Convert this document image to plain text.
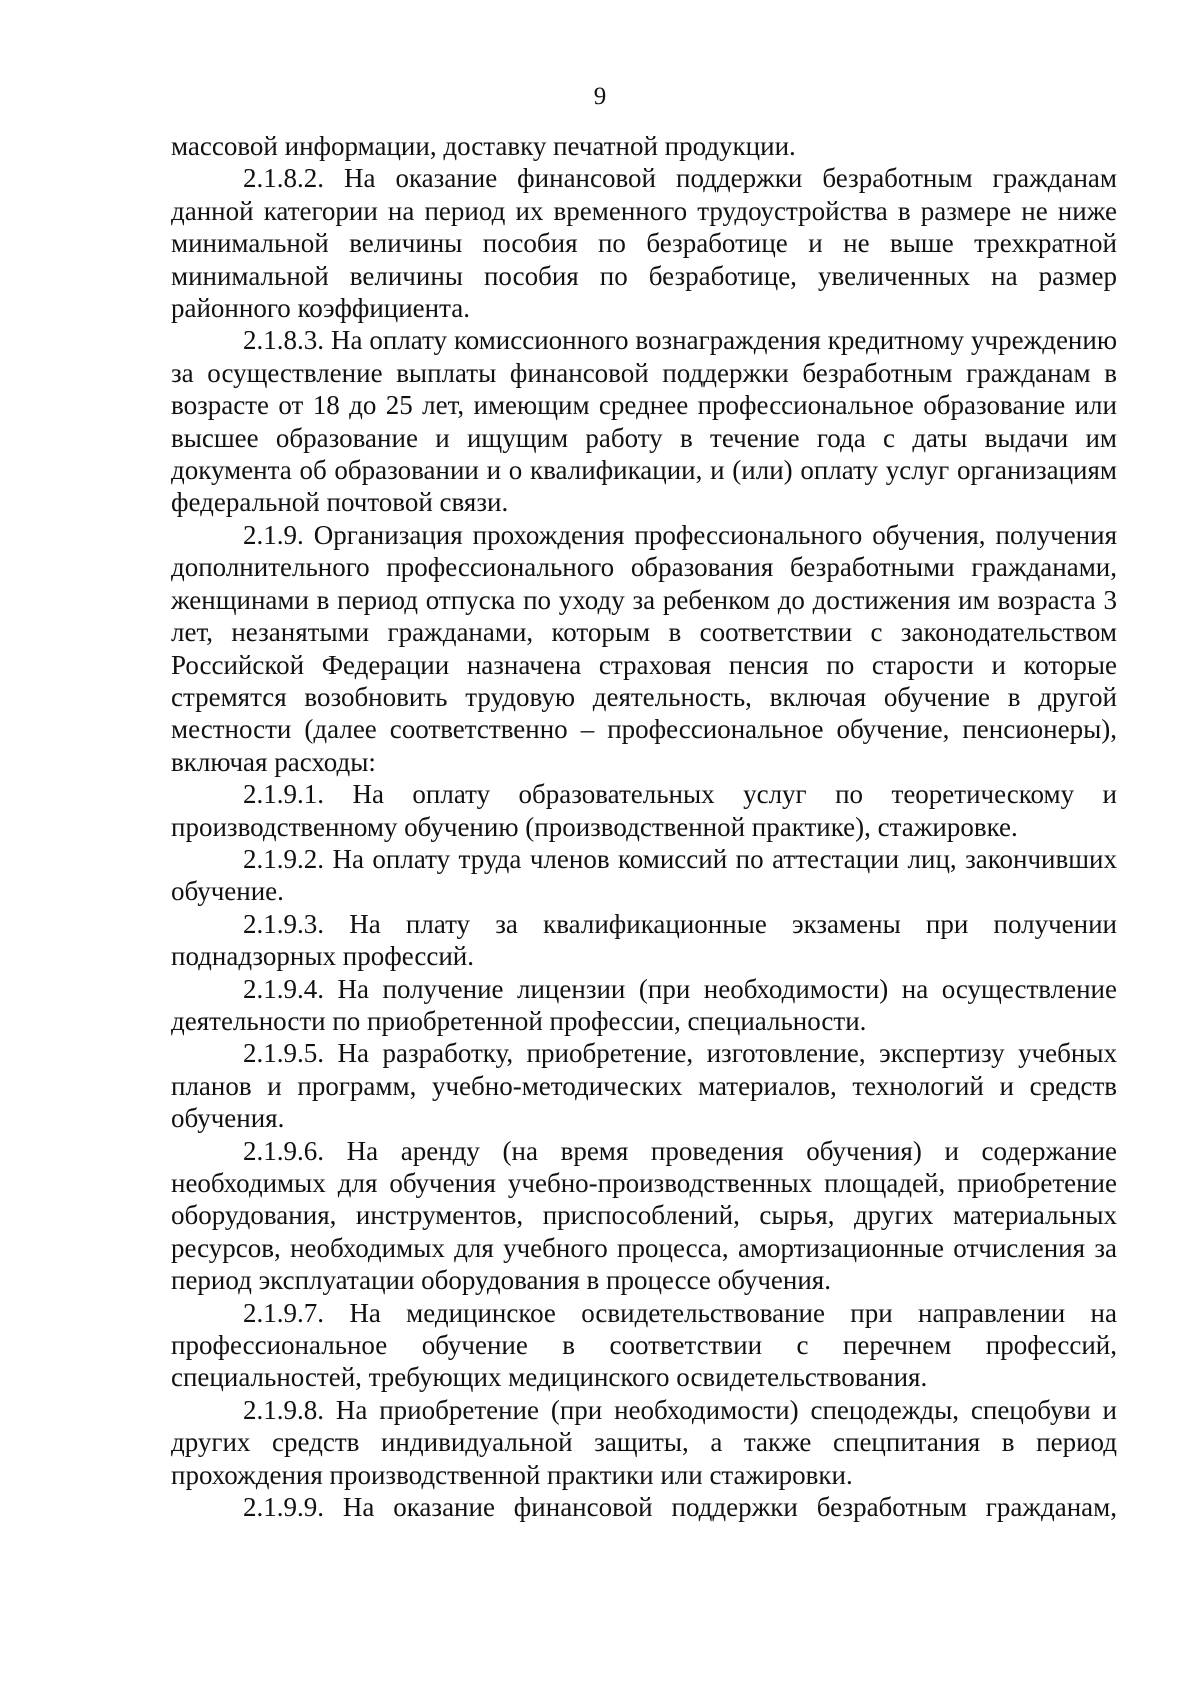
9

массовой информации, доставку печатной продукции.

2.1.8.2. На оказание финансовой поддержки безработным гражданам данной категории на период их временного трудоустройства в размере не ниже минимальной величины пособия по безработице и не выше трехкратной минимальной величины пособия по безработице, увеличенных на размер районного коэффициента.

2.1.8.3. На оплату комиссионного вознаграждения кредитному учреждению за осуществление выплаты финансовой поддержки безработным гражданам в возрасте от 18 до 25 лет, имеющим среднее профессиональное образование или высшее образование и ищущим работу в течение года с даты выдачи им документа об образовании и о квалификации, и (или) оплату услуг организациям федеральной почтовой связи.

2.1.9. Организация прохождения профессионального обучения, получения дополнительного профессионального образования безработными гражданами, женщинами в период отпуска по уходу за ребенком до достижения им возраста 3 лет, незанятыми гражданами, которым в соответствии с законодательством Российской Федерации назначена страховая пенсия по старости и которые стремятся возобновить трудовую деятельность, включая обучение в другой местности (далее соответственно – профессиональное обучение, пенсионеры), включая расходы:

2.1.9.1. На оплату образовательных услуг по теоретическому и производственному обучению (производственной практике), стажировке.

2.1.9.2. На оплату труда членов комиссий по аттестации лиц, закончивших обучение.

2.1.9.3. На плату за квалификационные экзамены при получении поднадзорных профессий.

2.1.9.4. На получение лицензии (при необходимости) на осуществление деятельности по приобретенной профессии, специальности.

2.1.9.5. На разработку, приобретение, изготовление, экспертизу учебных планов и программ, учебно-методических материалов, технологий и средств обучения.

2.1.9.6. На аренду (на время проведения обучения) и содержание необходимых для обучения учебно-производственных площадей, приобретение оборудования, инструментов, приспособлений, сырья, других материальных ресурсов, необходимых для учебного процесса, амортизационные отчисления за период эксплуатации оборудования в процессе обучения.

2.1.9.7. На медицинское освидетельствование при направлении на профессиональное обучение в соответствии с перечнем профессий, специальностей, требующих медицинского освидетельствования.

2.1.9.8. На приобретение (при необходимости) спецодежды, спецобуви и других средств индивидуальной защиты, а также спецпитания в период прохождения производственной практики или стажировки.

2.1.9.9. На оказание финансовой поддержки безработным гражданам,
